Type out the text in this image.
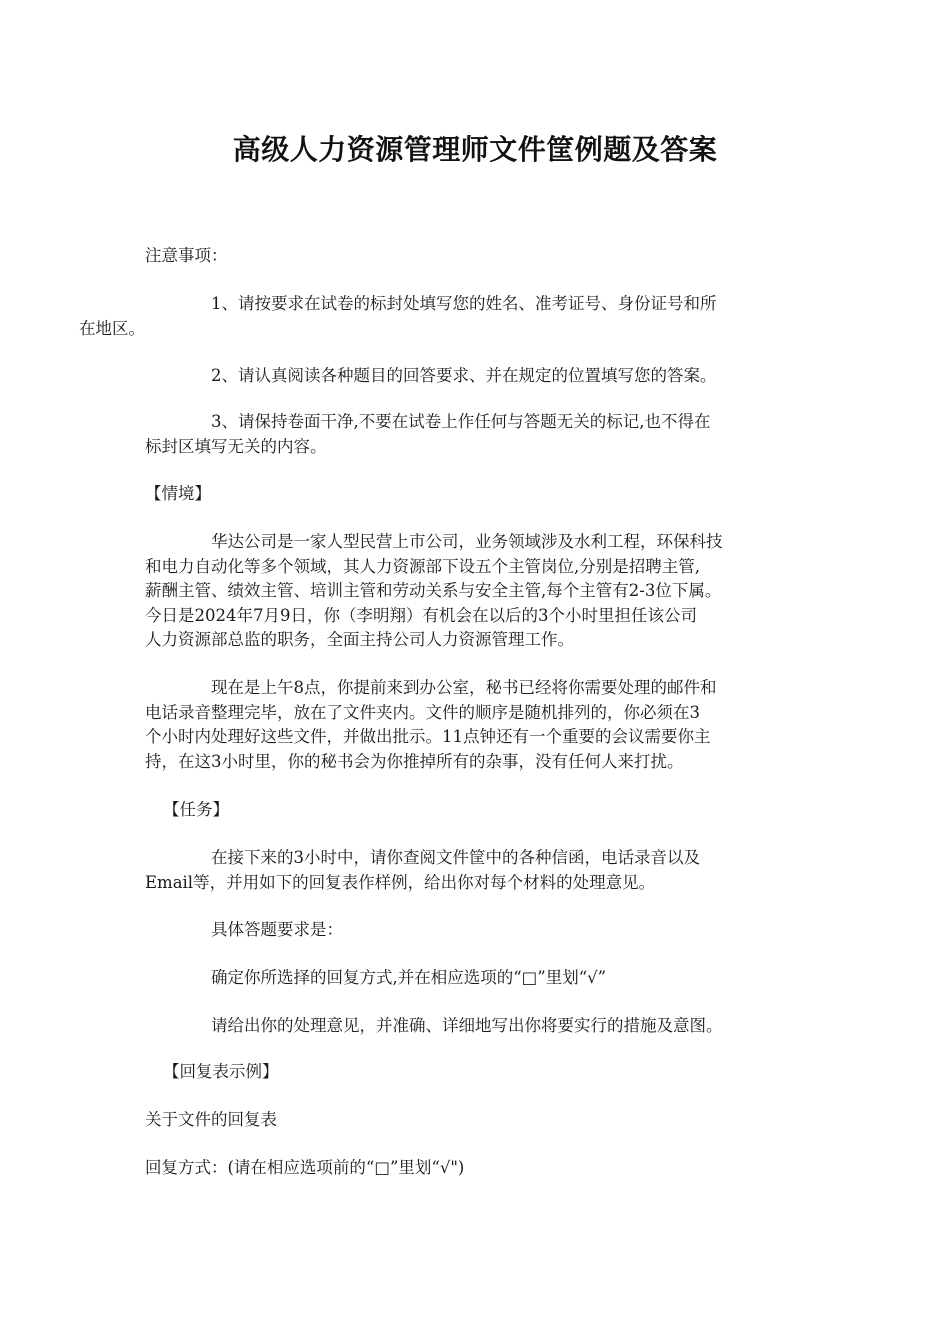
高级人力资源管理师文件筐例题及答案

注意事项：

1、请按要求在试卷的标封处填写您的姓名、准考证号、身份证号和所
在地区。

2、请认真阅读各种题目的回答要求、并在规定的位置填写您的答案。

3、请保持卷面干净,不要在试卷上作任何与答题无关的标记,也不得在
标封区填写无关的内容。

【情境】

华达公司是一家人型民营上市公司，业务领域涉及水利工程，环保科技
和电力自动化等多个领域，其人力资源部下设五个主管岗位,分别是招聘主管,
薪酬主管、绩效主管、培训主管和劳动关系与安全主管,每个主管有2-3位下属。
今日是2024年7月9日，你（李明翔）有机会在以后的3个小时里担任该公司
人力资源部总监的职务，全面主持公司人力资源管理工作。

现在是上午8点，你提前来到办公室，秘书已经将你需要处理的邮件和
电话录音整理完毕，放在了文件夹内。文件的顺序是随机排列的，你必须在3
个小时内处理好这些文件，并做出批示。11点钟还有一个重要的会议需要你主
持，在这3小时里，你的秘书会为你推掉所有的杂事，没有任何人来打扰。

【任务】

在接下来的3小时中，请你查阅文件筐中的各种信函，电话录音以及
Email等，并用如下的回复表作样例，给出你对每个材料的处理意见。

具体答题要求是：

确定你所选择的回复方式,并在相应选项的“□”里划“√”

请给出你的处理意见，并准确、详细地写出你将要实行的措施及意图。

【回复表示例】

关于文件的回复表

回复方式：(请在相应选项前的“□”里划“√")
